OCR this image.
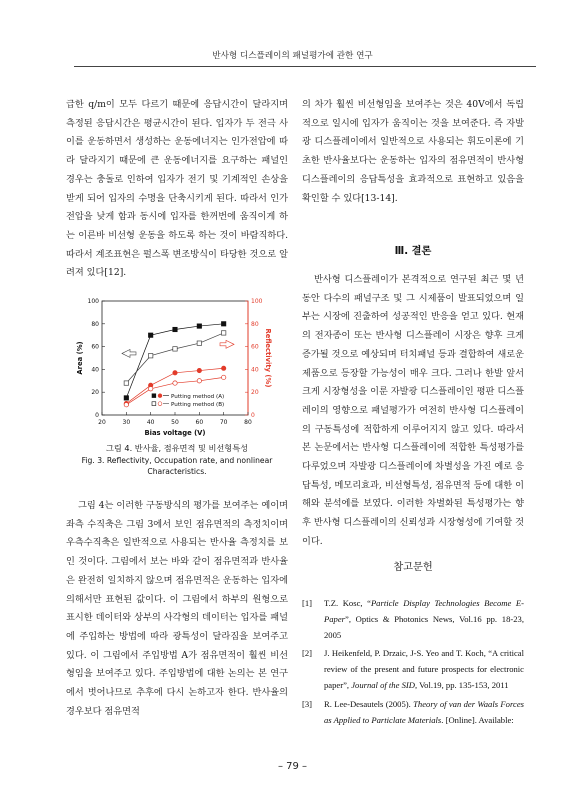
반사형 디스플레이의 패널평가에 관한 연구

급한 q/m이 모두 다르기 때문에 응답시간이 달라지며 측정된 응답시간은 평균시간이 된다. 입자가 두 전극 사이를 운동하면서 생성하는 운동에너지는 인가전압에 따라 달라지기 때문에 큰 운동에너지를 요구하는 패널인 경우는 충돌로 인하여 입자가 전기 및 기계적인 손상을 받게 되어 입자의 수명을 단축시키게 된다. 따라서 인가전압을 낮게 함과 동시에 입자를 한꺼번에 움직이게 하는 이른바 비선형 운동을 하도록 하는 것이 바람직하다. 따라서 계조표현은 펄스폭 변조방식이 타당한 것으로 알려져 있다[12].

20	30	40	50	60	70	80
0
20
40
60
80
100
0
20
40
60
80
100
Bias voltage (V)
Area (%)	Reflectivity (%)
Putting method (A)
Putting method (B)
그림 4. 반사율, 점유면적 및 비선형특성
Fig. 3. Reflectivity, Occupation rate, and nonlinear Characteristics.

그림 4는 이러한 구동방식의 평가를 보여주는 예이며 좌측 수직축은 그림 3에서 보인 점유면적의 측정치이며 우측수직축은 일반적으로 사용되는 반사율 측정치를 보인 것이다. 그림에서 보는 바와 같이 점유면적과 반사율은 완전히 일치하지 않으며 점유면적은 운동하는 입자에 의해서만 표현된 값이다. 이 그림에서 하부의 원형으로 표시한 데이터와 상부의 사각형의 데이터는 입자를 패널에 주입하는 방법에 따라 광특성이 달라짐을 보여주고 있다. 이 그림에서 주입방법 A가 점유면적이 훨씬 비선형임을 보여주고 있다. 주입방법에 대한 논의는 본 연구에서 벗어나므로 추후에 다시 논하고자 한다. 반사율의 경우보다 점유면적

의 차가 훨씬 비선형임을 보여주는 것은 40V에서 독립적으로 일시에 입자가 움직이는 것을 보여준다. 즉 자발광 디스플레이에서 일반적으로 사용되는 휘도이론에 기초한 반사율보다는 운동하는 입자의 점유면적이 반사형 디스플레이의 응답특성을 효과적으로 표현하고 있음을 확인할 수 있다[13-14].

Ⅲ. 결론

반사형 디스플레이가 본격적으로 연구된 최근 몇 년 동안 다수의 패널구조 및 그 시제품이 발표되었으며 일부는 시장에 진출하여 성공적인 반응을 얻고 있다. 현재의 전자종이 또는 반사형 디스플레이 시장은 향후 크게 증가될 것으로 예상되며 터치패널 등과 결합하여 새로운 제품으로 등장할 가능성이 매우 크다. 그러나 한발 앞서 크게 시장형성을 이룬 자발광 디스플레이인 평판 디스플레이의 영향으로 패널평가가 여전히 반사형 디스플레이의 구동특성에 적합하게 이루어지지 않고 있다. 따라서 본 논문에서는 반사형 디스플레이에 적합한 특성평가를 다루었으며 자발광 디스플레이에 차별성을 가진 예로 응답특성, 메모리효과, 비선형특성, 점유면적 등에 대한 이해와 분석에를 보였다. 이러한 차별화된 특성평가는 향후 반사형 디스플레이의 신뢰성과 시장형성에 기여할 것이다.

참고문헌
[1] T.Z. Kosc, “Particle Display Technologies Become E-Paper”, Optics & Photonics News, Vol.16 pp. 18-23, 2005
[2] J. Heikenfeld, P. Drzaic, J-S. Yeo and T. Koch, “A critical review of the present and future prospects for electronic paper”, Journal of the SID, Vol.19, pp. 135-153, 2011
[3] R. Lee-Desautels (2005). Theory of van der Waals Forces as Applied to Particlate Materials. [Online]. Available:
– 79 –
